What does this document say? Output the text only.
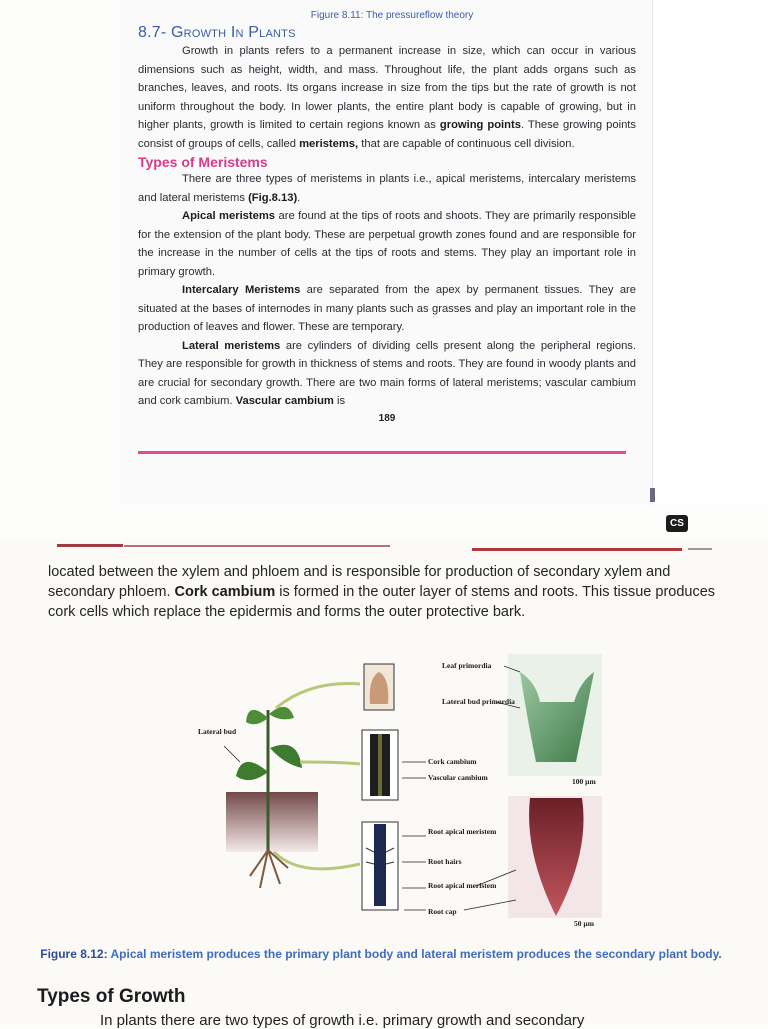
Figure 8.11: The pressureflow theory
8.7- Growth In Plants
Growth in plants refers to a permanent increase in size, which can occur in various dimensions such as height, width, and mass. Throughout life, the plant adds organs such as branches, leaves, and roots. Its organs increase in size from the tips but the rate of growth is not uniform throughout the body. In lower plants, the entire plant body is capable of growing, but in higher plants, growth is limited to certain regions known as growing points. These growing points consist of groups of cells, called meristems, that are capable of continuous cell division.
Types of Meristems
There are three types of meristems in plants i.e., apical meristems, intercalary meristems and lateral meristems (Fig.8.13).
Apical meristems are found at the tips of roots and shoots. They are primarily responsible for the extension of the plant body. These are perpetual growth zones found and are responsible for the increase in the number of cells at the tips of roots and stems. They play an important role in primary growth.
Intercalary Meristems are separated from the apex by permanent tissues. They are situated at the bases of internodes in many plants such as grasses and play an important role in the production of leaves and flower. These are temporary.
Lateral meristems are cylinders of dividing cells present along the peripheral regions. They are responsible for growth in thickness of stems and roots. They are found in woody plants and are crucial for secondary growth. There are two main forms of lateral meristems; vascular cambium and cork cambium. Vascular cambium is
189
CS
located between the xylem and phloem and is responsible for production of secondary xylem and secondary phloem. Cork cambium is formed in the outer layer of stems and roots. This tissue produces cork cells which replace the epidermis and forms the outer protective bark.
Leaf primordia
Lateral bud primordia
Lateral bud
Cork cambium
Vascular cambium	100 µm
Root apical meristem
Root hairs
Root apical meristem
Root cap
50 µm
Figure 8.12: Apical meristem produces the primary plant body and lateral meristem produces the secondary plant body.
Types of Growth
In plants there are two types of growth i.e. primary growth and secondary
